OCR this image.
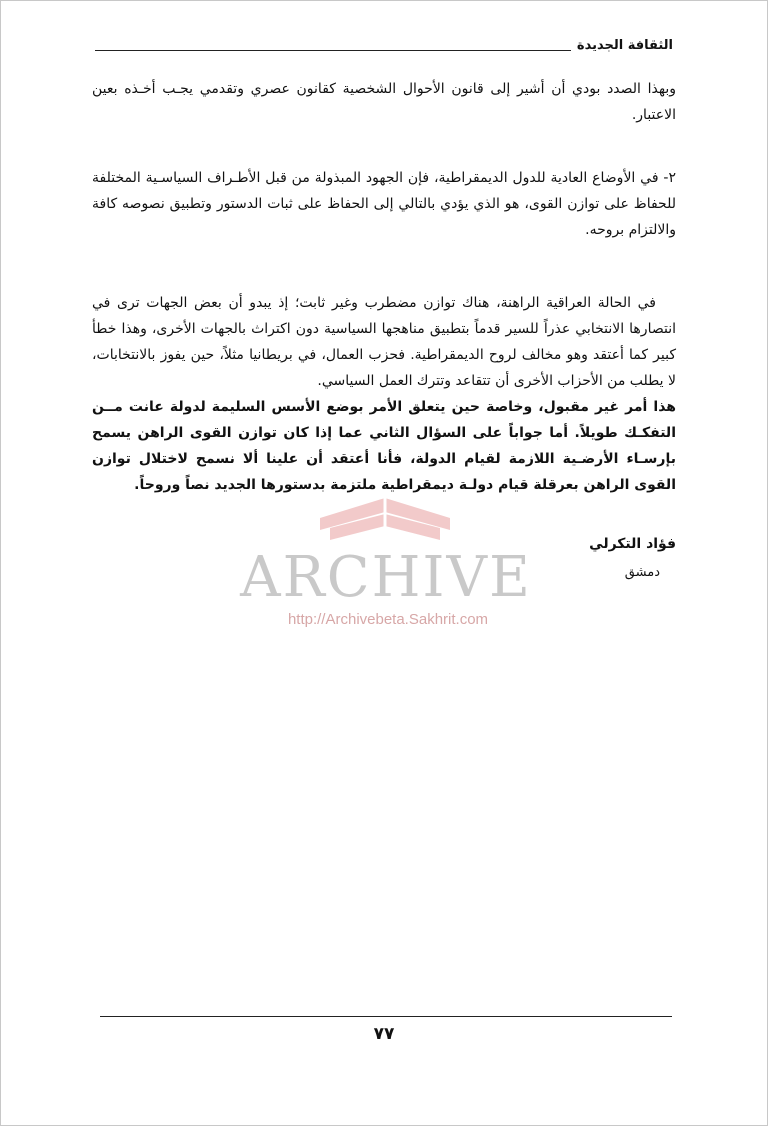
الثقافة الجديدة

وبهذا الصدد بودي أن أشير إلى قانون الأحوال الشخصية كقانون عصري وتقدمي يجـب أخـذه بعين الاعتبار.

٢- في الأوضاع العادية للدول الديمقراطية، فإن الجهود المبذولة من قبل الأطـراف السياسـية المختلفة للحفاظ على توازن القوى، هو الذي يؤدي بالتالي إلى الحفاظ على ثبات الدستور وتطبيق نصوصه كافة والالتزام بروحه.

في الحالة العراقية الراهنة، هناك توازن مضطرب وغير ثابت؛ إذ يبدو أن بعض الجهات ترى في انتصارها الانتخابي عذراً للسير قدماً بتطبيق مناهجها السياسية دون اكتراث بالجهات الأخرى، وهذا خطأ كبير كما أعتقد وهو مخالف لروح الديمقراطية. فحزب العمال، في بريطانيا مثلاً، حين يفوز بالانتخابات، لا يطلب من الأحزاب الأخرى أن تتقاعد وتترك العمل السياسي.

هذا أمر غير مقبول، وخاصة حين يتعلق الأمر بوضع الأسس السليمة لدولة عانت مــن التفكـك طويلاً. أما جواباً على السؤال الثاني عما إذا كان توازن القوى الراهن يسمح بإرسـاء الأرضـية اللازمة لقيام الدولة، فأنا أعتقد أن علينا ألا نسمح لاختلال توازن القوى الراهن بعرقلة قيام دولـة ديمقراطية ملتزمة بدستورها الجديد نصاً وروحاً.

فؤاد التكرلي
دمشق
ARCHIVE
http://Archivebeta.Sakhrit.com
٧٧
